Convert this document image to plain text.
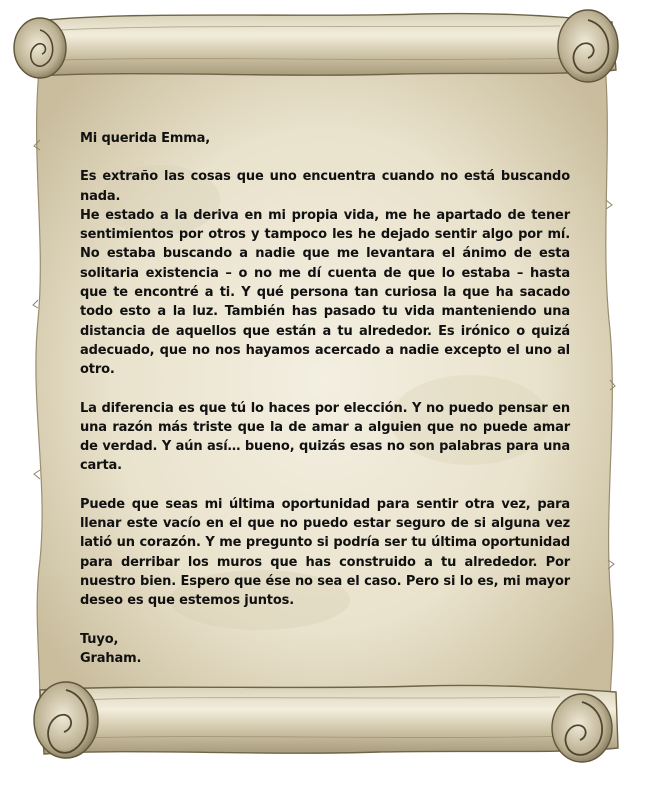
Mi querida Emma,

Es extraño las cosas que uno encuentra cuando no está buscando nada.

He estado a la deriva en mi propia vida, me he apartado de tener sentimientos por otros y tampoco les he dejado sentir algo por mí. No estaba buscando a nadie que me levantara el ánimo de esta solitaria existencia – o no me dí cuenta de que lo estaba – hasta que te encontré a ti. Y qué persona tan curiosa la que ha sacado todo esto a la luz. También has pasado tu vida manteniendo una distancia de aquellos que están a tu alrededor. Es irónico o quizá adecuado, que no nos hayamos acercado a nadie excepto el uno al otro.

La diferencia es que tú lo haces por elección. Y no puedo pensar en una razón más triste que la de amar a alguien que no puede amar de verdad. Y aún así… bueno, quizás esas no son palabras para una carta.

Puede que seas mi última oportunidad para sentir otra vez, para llenar este vacío en el que no puedo estar seguro de si alguna vez latió un corazón. Y me pregunto si podría ser tu última oportunidad para derribar los muros que has construido a tu alrededor. Por nuestro bien. Espero que ése no sea el caso. Pero si lo es, mi mayor deseo es que estemos juntos.

Tuyo,

Graham.
